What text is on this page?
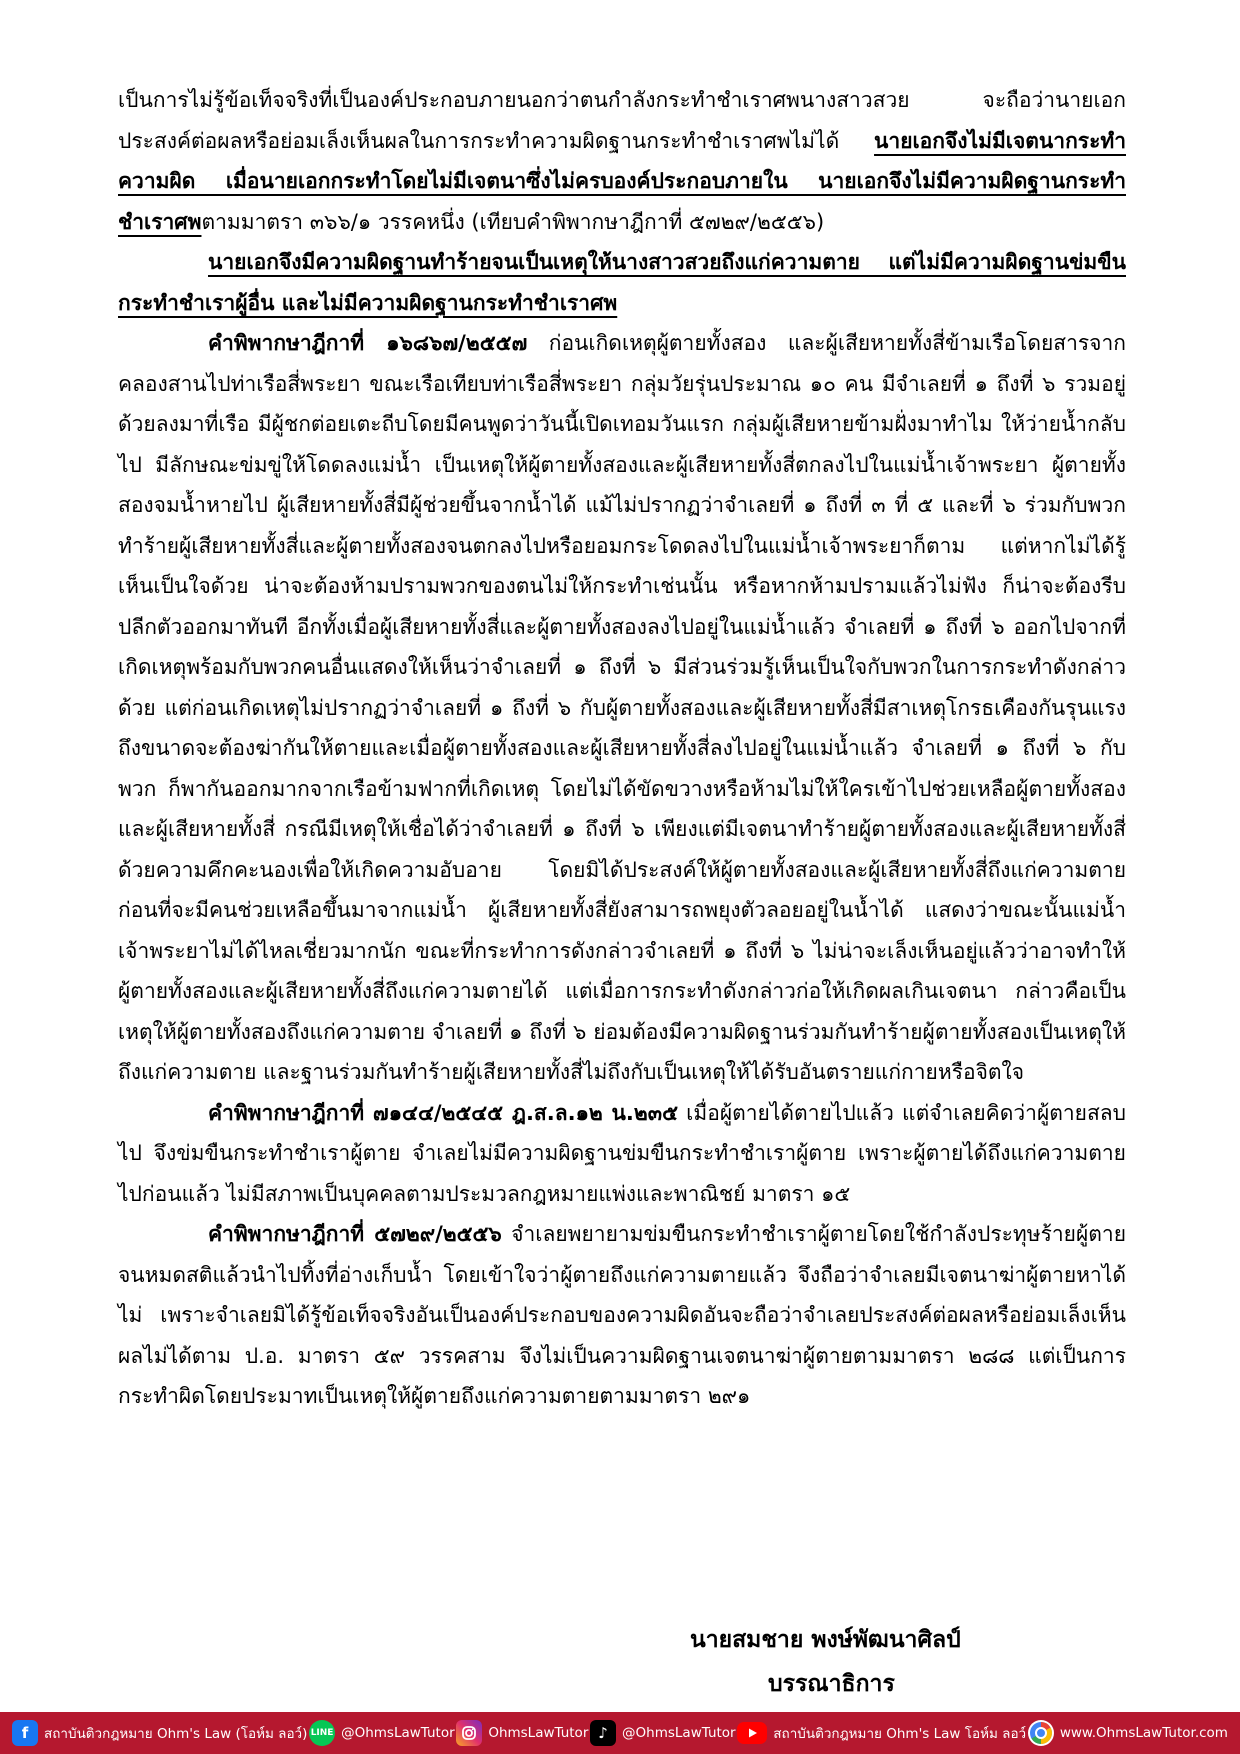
เป็นการไม่รู้ข้อเท็จจริงที่เป็นองค์ประกอบภายนอกว่าตนกำลังกระทำชำเราศพนางสาวสวย จะถือว่านายเอกประสงค์ต่อผลหรือย่อมเล็งเห็นผลในการกระทำความผิดฐานกระทำชำเราศพไม่ได้ นายเอกจึงไม่มีเจตนากระทำความผิด เมื่อนายเอกกระทำโดยไม่มีเจตนาซึ่งไม่ครบองค์ประกอบภายใน นายเอกจึงไม่มีความผิดฐานกระทำชำเราศพตามมาตรา ๓๖๖/๑ วรรคหนึ่ง (เทียบคำพิพากษาฎีกาที่ ๕๗๒๙/๒๕๕๖)

นายเอกจึงมีความผิดฐานทำร้ายจนเป็นเหตุให้นางสาวสวยถึงแก่ความตาย แต่ไม่มีความผิดฐานข่มขืนกระทำชำเราผู้อื่น และไม่มีความผิดฐานกระทำชำเราศพ

คำพิพากษาฎีกาที่ ๑๖๘๖๗/๒๕๕๗ ก่อนเกิดเหตุผู้ตายทั้งสอง และผู้เสียหายทั้งสี่ข้ามเรือโดยสารจากคลองสานไปท่าเรือสี่พระยา ขณะเรือเทียบท่าเรือสี่พระยา กลุ่มวัยรุ่นประมาณ ๑๐ คน มีจำเลยที่ ๑ ถึงที่ ๖ รวมอยู่ด้วยลงมาที่เรือ มีผู้ชกต่อยเตะถีบโดยมีคนพูดว่าวันนี้เปิดเทอมวันแรก กลุ่มผู้เสียหายข้ามฝั่งมาทำไม ให้ว่ายน้ำกลับไป มีลักษณะข่มขู่ให้โดดลงแม่น้ำ เป็นเหตุให้ผู้ตายทั้งสองและผู้เสียหายทั้งสี่ตกลงไปในแม่น้ำเจ้าพระยา ผู้ตายทั้งสองจมน้ำหายไป ผู้เสียหายทั้งสี่มีผู้ช่วยขึ้นจากน้ำได้ แม้ไม่ปรากฏว่าจำเลยที่ ๑ ถึงที่ ๓ ที่ ๕ และที่ ๖ ร่วมกับพวกทำร้ายผู้เสียหายทั้งสี่และผู้ตายทั้งสองจนตกลงไปหรือยอมกระโดดลงไปในแม่น้ำเจ้าพระยาก็ตาม แต่หากไม่ได้รู้เห็นเป็นใจด้วย น่าจะต้องห้ามปรามพวกของตนไม่ให้กระทำเช่นนั้น หรือหากห้ามปรามแล้วไม่ฟัง ก็น่าจะต้องรีบปลีกตัวออกมาทันที อีกทั้งเมื่อผู้เสียหายทั้งสี่และผู้ตายทั้งสองลงไปอยู่ในแม่น้ำแล้ว จำเลยที่ ๑ ถึงที่ ๖ ออกไปจากที่เกิดเหตุพร้อมกับพวกคนอื่นแสดงให้เห็นว่าจำเลยที่ ๑ ถึงที่ ๖ มีส่วนร่วมรู้เห็นเป็นใจกับพวกในการกระทำดังกล่าวด้วย แต่ก่อนเกิดเหตุไม่ปรากฏว่าจำเลยที่ ๑ ถึงที่ ๖ กับผู้ตายทั้งสองและผู้เสียหายทั้งสี่มีสาเหตุโกรธเคืองกันรุนแรงถึงขนาดจะต้องฆ่ากันให้ตายและเมื่อผู้ตายทั้งสองและผู้เสียหายทั้งสี่ลงไปอยู่ในแม่น้ำแล้ว จำเลยที่ ๑ ถึงที่ ๖ กับพวก ก็พากันออกมากจากเรือข้ามฟากที่เกิดเหตุ โดยไม่ได้ขัดขวางหรือห้ามไม่ให้ใครเข้าไปช่วยเหลือผู้ตายทั้งสองและผู้เสียหายทั้งสี่ กรณีมีเหตุให้เชื่อได้ว่าจำเลยที่ ๑ ถึงที่ ๖ เพียงแต่มีเจตนาทำร้ายผู้ตายทั้งสองและผู้เสียหายทั้งสี่ด้วยความคึกคะนองเพื่อให้เกิดความอับอาย โดยมิได้ประสงค์ให้ผู้ตายทั้งสองและผู้เสียหายทั้งสี่ถึงแก่ความตาย ก่อนที่จะมีคนช่วยเหลือขึ้นมาจากแม่น้ำ ผู้เสียหายทั้งสี่ยังสามารถพยุงตัวลอยอยู่ในน้ำได้ แสดงว่าขณะนั้นแม่น้ำเจ้าพระยาไม่ได้ไหลเชี่ยวมากนัก ขณะที่กระทำการดังกล่าวจำเลยที่ ๑ ถึงที่ ๖ ไม่น่าจะเล็งเห็นอยู่แล้วว่าอาจทำให้ผู้ตายทั้งสองและผู้เสียหายทั้งสี่ถึงแก่ความตายได้ แต่เมื่อการกระทำดังกล่าวก่อให้เกิดผลเกินเจตนา กล่าวคือเป็นเหตุให้ผู้ตายทั้งสองถึงแก่ความตาย จำเลยที่ ๑ ถึงที่ ๖ ย่อมต้องมีความผิดฐานร่วมกันทำร้ายผู้ตายทั้งสองเป็นเหตุให้ถึงแก่ความตาย และฐานร่วมกันทำร้ายผู้เสียหายทั้งสี่ไม่ถึงกับเป็นเหตุให้ได้รับอันตรายแก่กายหรือจิตใจ

คำพิพากษาฎีกาที่ ๗๑๔๔/๒๕๔๕ ฎ.ส.ล.๑๒ น.๒๓๕ เมื่อผู้ตายได้ตายไปแล้ว แต่จำเลยคิดว่าผู้ตายสลบไป จึงข่มขืนกระทำชำเราผู้ตาย จำเลยไม่มีความผิดฐานข่มขืนกระทำชำเราผู้ตาย เพราะผู้ตายได้ถึงแก่ความตายไปก่อนแล้ว ไม่มีสภาพเป็นบุคคลตามประมวลกฎหมายแพ่งและพาณิชย์ มาตรา ๑๕

คำพิพากษาฎีกาที่ ๕๗๒๙/๒๕๕๖ จำเลยพยายามข่มขืนกระทำชำเราผู้ตายโดยใช้กำลังประทุษร้ายผู้ตายจนหมดสติแล้วนำไปทิ้งที่อ่างเก็บน้ำ โดยเข้าใจว่าผู้ตายถึงแก่ความตายแล้ว จึงถือว่าจำเลยมีเจตนาฆ่าผู้ตายหาได้ไม่ เพราะจำเลยมิได้รู้ข้อเท็จจริงอันเป็นองค์ประกอบของความผิดอันจะถือว่าจำเลยประสงค์ต่อผลหรือย่อมเล็งเห็นผลไม่ได้ตาม ป.อ. มาตรา ๕๙ วรรคสาม จึงไม่เป็นความผิดฐานเจตนาฆ่าผู้ตายตามมาตรา ๒๘๘ แต่เป็นการกระทำผิดโดยประมาทเป็นเหตุให้ผู้ตายถึงแก่ความตายตามมาตรา ๒๙๑

นายสมชาย พงษ์พัฒนาศิลป์
บรรณาธิการ
f	สถาบันติวกฎหมาย Ohm's Law (โอห์ม ลอว์) LINE @OhmsLawTutor OhmsLawTutor ♪	@OhmsLawTutor	สถาบันติวกฎหมาย Ohm's Law โอห์ม ลอว์ www.OhmsLawTutor.com
